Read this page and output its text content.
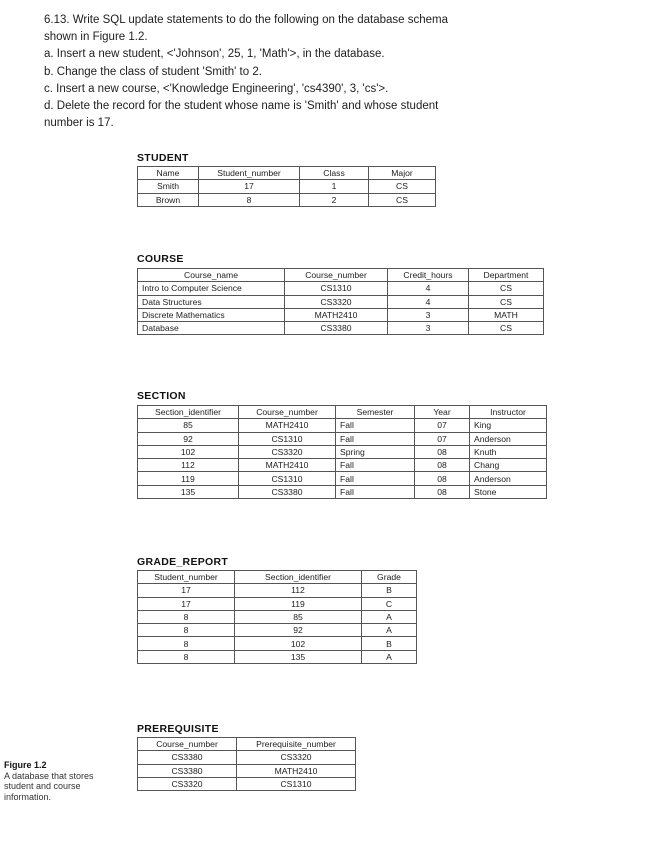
6.13. Write SQL update statements to do the following on the database schema
shown in Figure 1.2.
a. Insert a new student, <'Johnson', 25, 1, 'Math'>, in the database.
b. Change the class of student 'Smith' to 2.
c. Insert a new course, <'Knowledge Engineering', 'cs4390', 3, 'cs'>.
d. Delete the record for the student whose name is 'Smith' and whose student
number is 17.
STUDENT
Name	Student_number	Class	Major
Smith	17	1	CS
Brown	8	2	CS
COURSE
Course_name	Course_number	Credit_hours	Department
Intro to Computer Science	CS1310	4	CS
Data Structures	CS3320	4	CS
Discrete Mathematics	MATH2410	3	MATH
Database	CS3380	3	CS
SECTION
Section_identifier	Course_number	Semester	Year	Instructor
85	MATH2410	Fall	07	King
92	CS1310	Fall	07	Anderson
102	CS3320	Spring	08	Knuth
112	MATH2410	Fall	08	Chang
119	CS1310	Fall	08	Anderson
135	CS3380	Fall	08	Stone
GRADE_REPORT
Student_number	Section_identifier	Grade
17	112	B
17	119	C
8	85	A
8	92	A
8	102	B
8	135	A
PREREQUISITE
Course_number	Prerequisite_number
CS3380	CS3320
CS3380	MATH2410
CS3320	CS1310
Figure 1.2
A database that stores student and course information.
